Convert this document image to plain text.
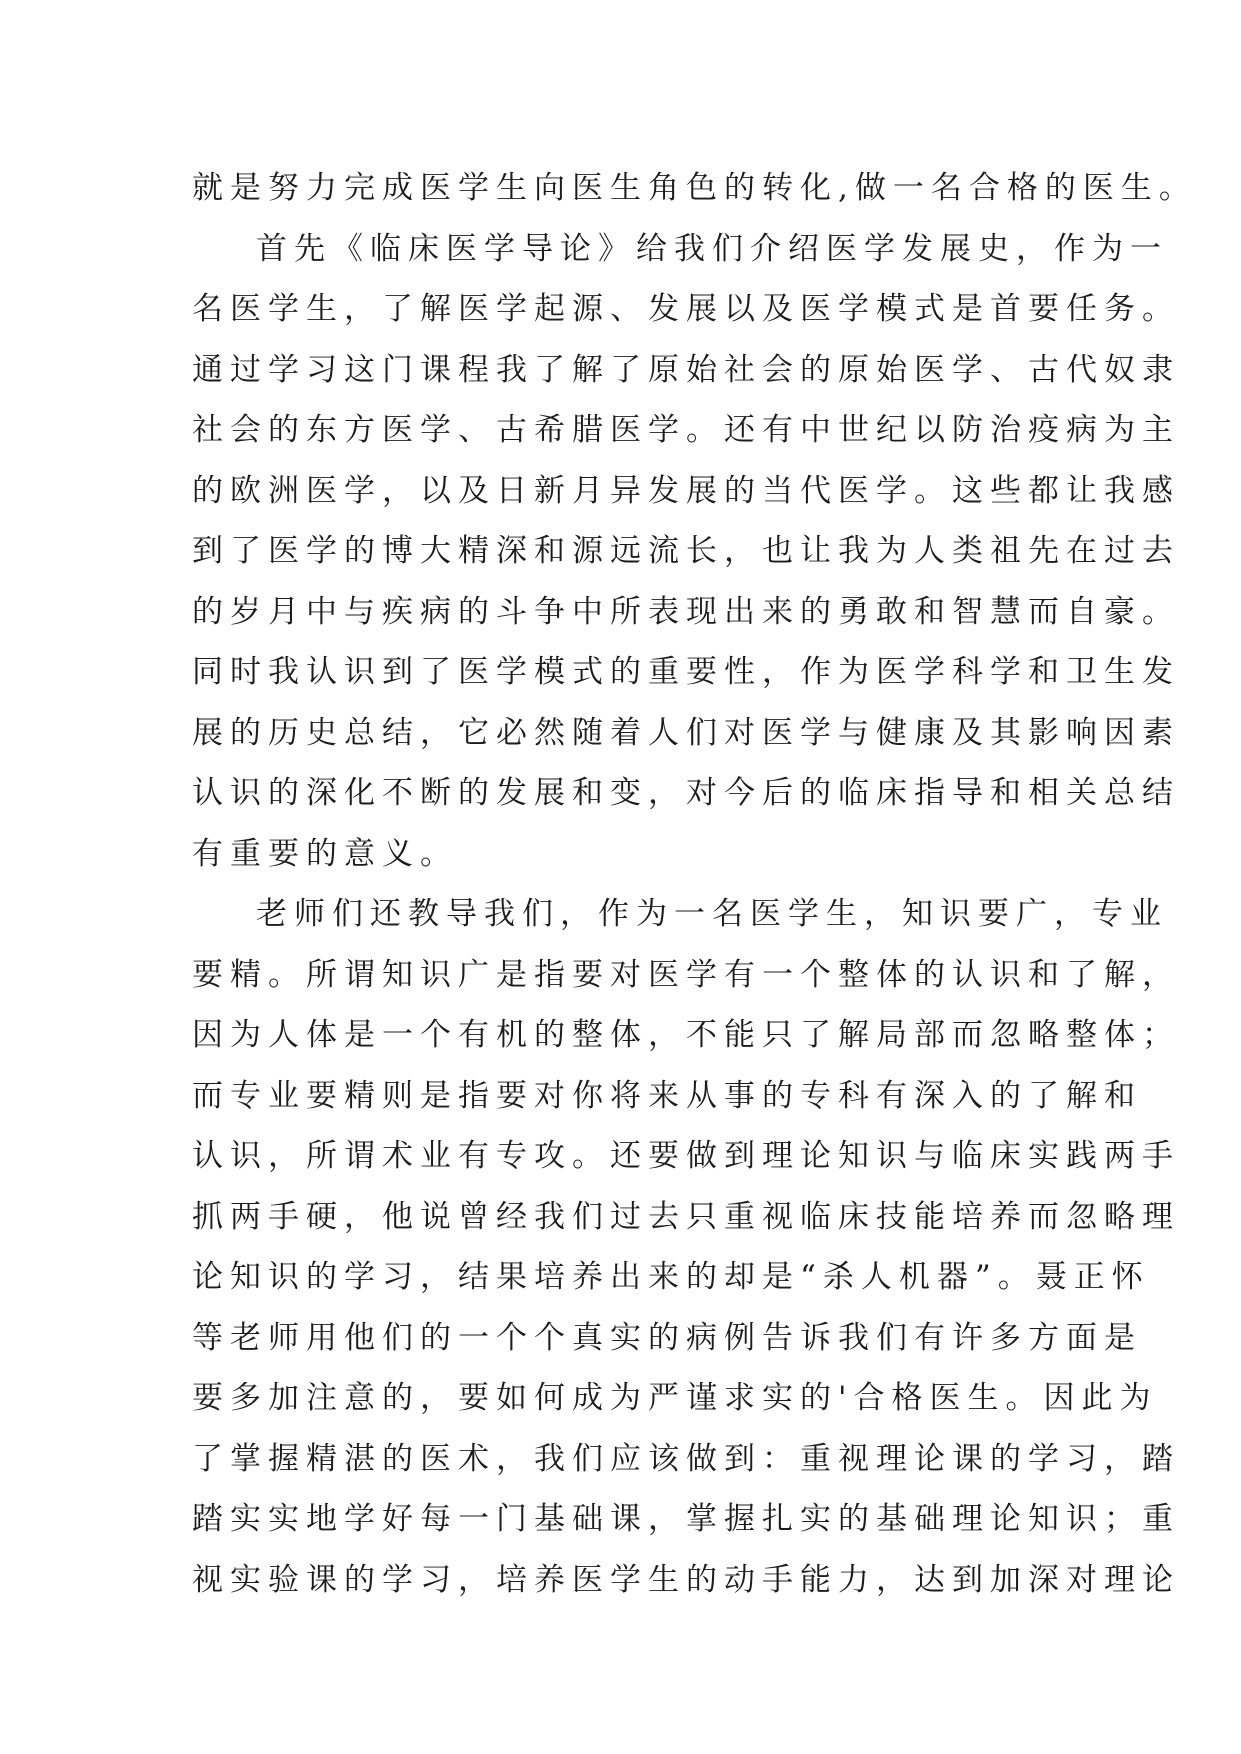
就是努力完成医学生向医生角色的转化,做一名合格的医生。
首先《临床医学导论》给我们介绍医学发展史，作为一
名医学生，了解医学起源、发展以及医学模式是首要任务。
通过学习这门课程我了解了原始社会的原始医学、古代奴隶
社会的东方医学、古希腊医学。还有中世纪以防治疫病为主
的欧洲医学，以及日新月异发展的当代医学。这些都让我感
到了医学的博大精深和源远流长，也让我为人类祖先在过去
的岁月中与疾病的斗争中所表现出来的勇敢和智慧而自豪。
同时我认识到了医学模式的重要性，作为医学科学和卫生发
展的历史总结，它必然随着人们对医学与健康及其影响因素
认识的深化不断的发展和变，对今后的临床指导和相关总结
有重要的意义。
老师们还教导我们，作为一名医学生，知识要广，专业
要精。所谓知识广是指要对医学有一个整体的认识和了解，
因为人体是一个有机的整体，不能只了解局部而忽略整体；
而专业要精则是指要对你将来从事的专科有深入的了解和
认识，所谓术业有专攻。还要做到理论知识与临床实践两手
抓两手硬，他说曾经我们过去只重视临床技能培养而忽略理
论知识的学习，结果培养出来的却是“杀人机器”。聂正怀
等老师用他们的一个个真实的病例告诉我们有许多方面是
要多加注意的，要如何成为严谨求实的'合格医生。因此为
了掌握精湛的医术，我们应该做到：重视理论课的学习，踏
踏实实地学好每一门基础课，掌握扎实的基础理论知识；重
视实验课的学习，培养医学生的动手能力，达到加深对理论
